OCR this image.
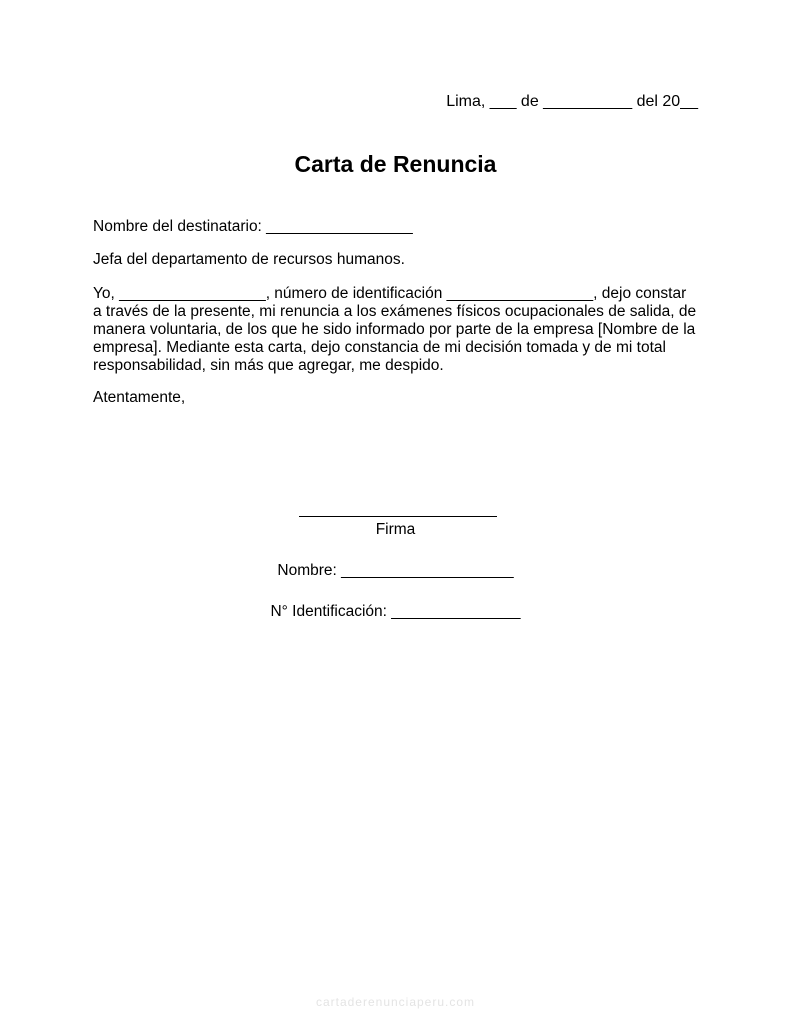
Lima, ___ de __________ del 20__
Carta de Renuncia
Nombre del destinatario: _________________
Jefa del departamento de recursos humanos.
Yo, _________________, número de identificación _________________, dejo constar
a través de la presente, mi renuncia a los exámenes físicos ocupacionales de salida, de
manera voluntaria, de los que he sido informado por parte de la empresa [Nombre de la
empresa]. Mediante esta carta, dejo constancia de mi decisión tomada y de mi total
responsabilidad, sin más que agregar, me despido.
Atentamente,
Firma
Nombre: ____________________
N° Identificación: _______________
cartaderenunciaperu.com
